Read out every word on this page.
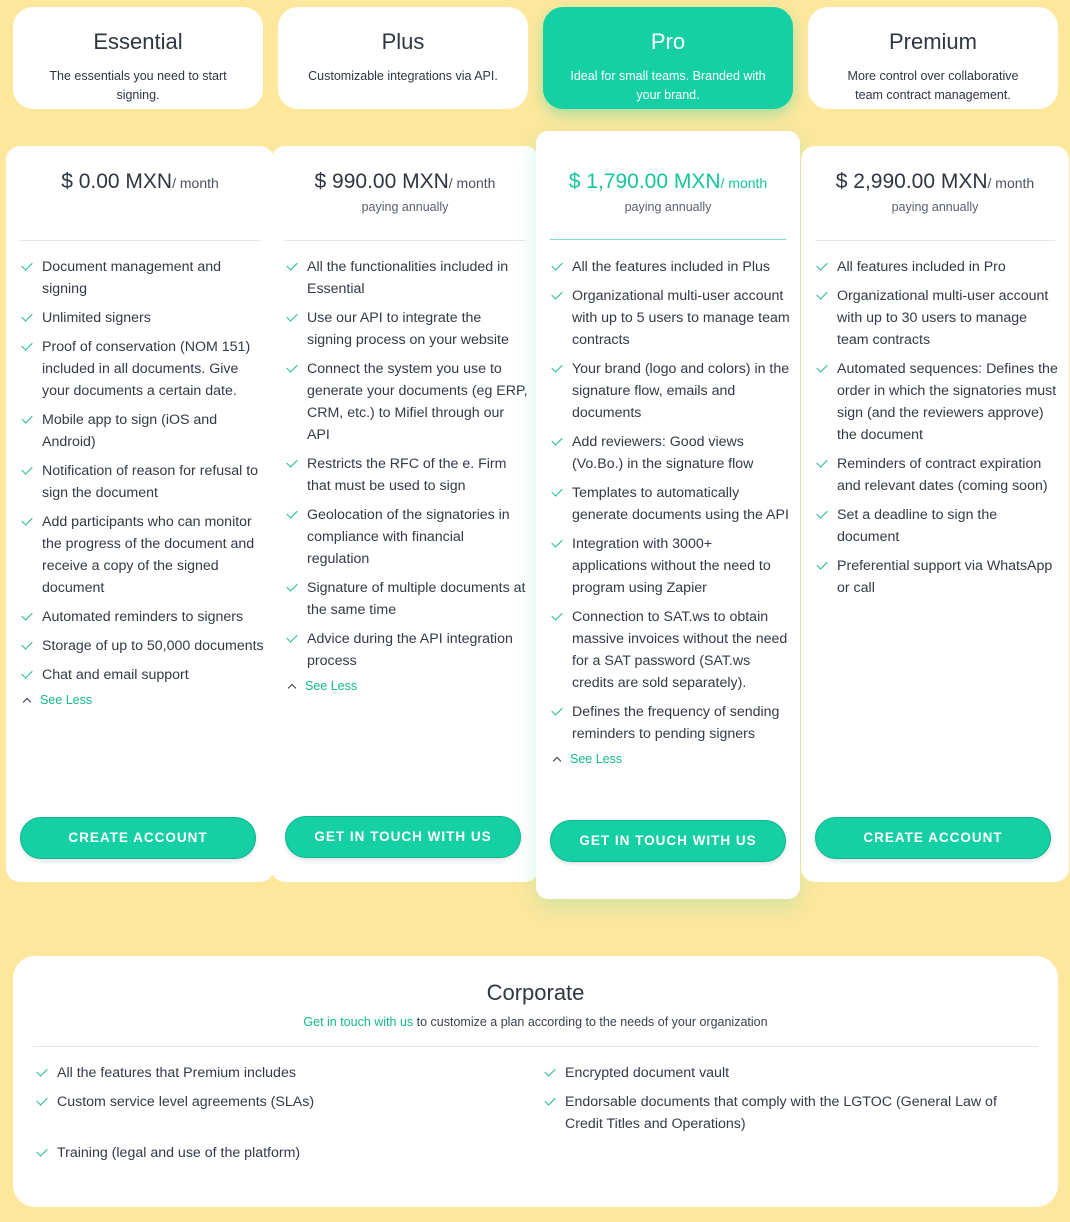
Essential

The essentials you need to start signing.

Plus

Customizable integrations via API.

Pro

Ideal for small teams. Branded with your brand.

Premium

More control over collaborative team contract management.

$ 0.00 MXN/ month
Document management and signing
Unlimited signers
Proof of conservation (NOM 151) included in all documents. Give your documents a certain date.
Mobile app to sign (iOS and Android)
Notification of reason for refusal to sign the document
Add participants who can monitor the progress of the document and receive a copy of the signed document
Automated reminders to signers
Storage of up to 50,000 documents
Chat and email support
See Less
CREATE ACCOUNT
$ 990.00 MXN/ month
paying annually
All the functionalities included in Essential
Use our API to integrate the signing process on your website
Connect the system you use to generate your documents (eg ERP, CRM, etc.) to Mifiel through our API
Restricts the RFC of the e. Firm that must be used to sign
Geolocation of the signatories in compliance with financial regulation
Signature of multiple documents at the same time
Advice during the API integration process
See Less
GET IN TOUCH WITH US
$ 1,790.00 MXN/ month
paying annually
All the features included in Plus
Organizational multi-user account with up to 5 users to manage team contracts
Your brand (logo and colors) in the signature flow, emails and documents
Add reviewers: Good views (Vo.Bo.) in the signature flow
Templates to automatically generate documents using the API
Integration with 3000+ applications without the need to program using Zapier
Connection to SAT.ws to obtain massive invoices without the need for a SAT password (SAT.ws credits are sold separately).
Defines the frequency of sending reminders to pending signers
See Less
GET IN TOUCH WITH US
$ 2,990.00 MXN/ month
paying annually
All features included in Pro
Organizational multi-user account with up to 30 users to manage team contracts
Automated sequences: Defines the order in which the signatories must sign (and the reviewers approve) the document
Reminders of contract expiration and relevant dates (coming soon)
Set a deadline to sign the document
Preferential support via WhatsApp or call
CREATE ACCOUNT
Corporate
Get in touch with us to customize a plan according to the needs of your organization
All the features that Premium includes
Custom service level agreements (SLAs)
Training (legal and use of the platform)
Encrypted document vault
Endorsable documents that comply with the LGTOC (General Law of Credit Titles and Operations)
